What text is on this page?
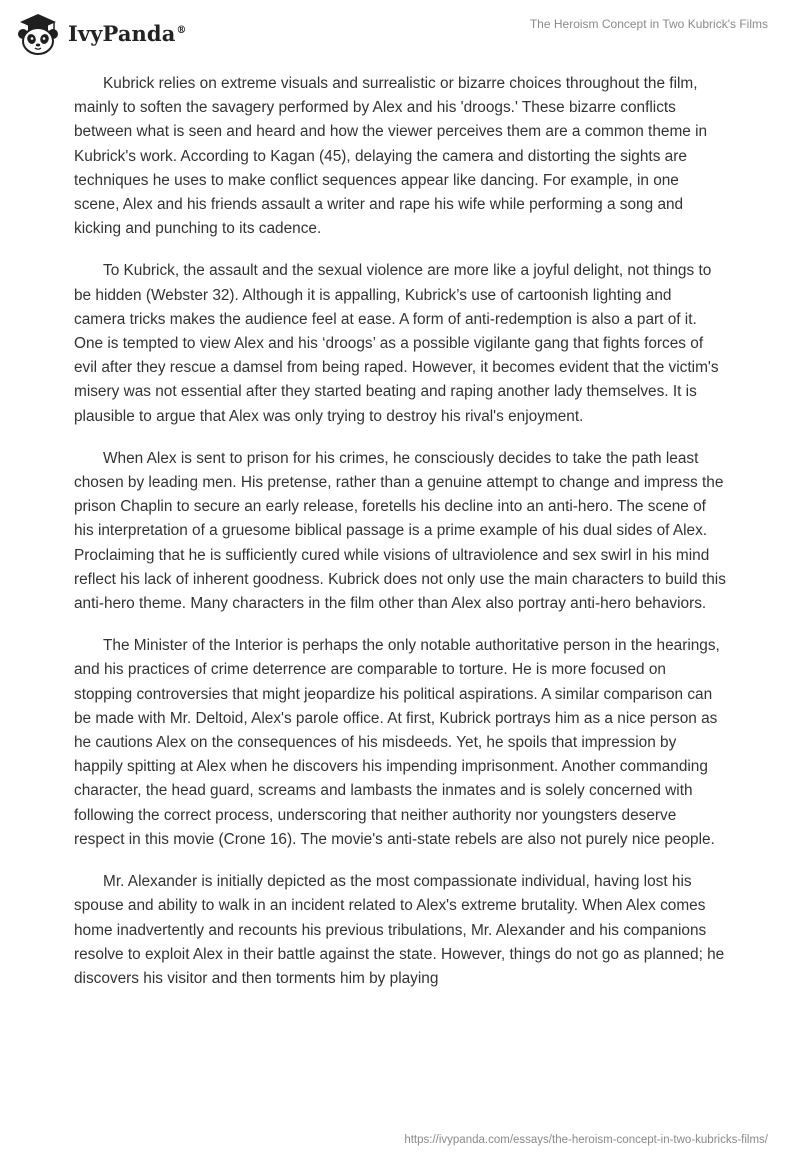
IvyPanda®	The Heroism Concept in Two Kubrick's Films

Kubrick relies on extreme visuals and surrealistic or bizarre choices throughout the film, mainly to soften the savagery performed by Alex and his 'droogs.' These bizarre conflicts between what is seen and heard and how the viewer perceives them are a common theme in Kubrick's work. According to Kagan (45), delaying the camera and distorting the sights are techniques he uses to make conflict sequences appear like dancing. For example, in one scene, Alex and his friends assault a writer and rape his wife while performing a song and kicking and punching to its cadence.

To Kubrick, the assault and the sexual violence are more like a joyful delight, not things to be hidden (Webster 32). Although it is appalling, Kubrick’s use of cartoonish lighting and camera tricks makes the audience feel at ease. A form of anti-redemption is also a part of it. One is tempted to view Alex and his ‘droogs’ as a possible vigilante gang that fights forces of evil after they rescue a damsel from being raped. However, it becomes evident that the victim's misery was not essential after they started beating and raping another lady themselves. It is plausible to argue that Alex was only trying to destroy his rival's enjoyment.

When Alex is sent to prison for his crimes, he consciously decides to take the path least chosen by leading men. His pretense, rather than a genuine attempt to change and impress the prison Chaplin to secure an early release, foretells his decline into an anti-hero. The scene of his interpretation of a gruesome biblical passage is a prime example of his dual sides of Alex. Proclaiming that he is sufficiently cured while visions of ultraviolence and sex swirl in his mind reflect his lack of inherent goodness. Kubrick does not only use the main characters to build this anti-hero theme. Many characters in the film other than Alex also portray anti-hero behaviors.

The Minister of the Interior is perhaps the only notable authoritative person in the hearings, and his practices of crime deterrence are comparable to torture. He is more focused on stopping controversies that might jeopardize his political aspirations. A similar comparison can be made with Mr. Deltoid, Alex's parole office. At first, Kubrick portrays him as a nice person as he cautions Alex on the consequences of his misdeeds. Yet, he spoils that impression by happily spitting at Alex when he discovers his impending imprisonment. Another commanding character, the head guard, screams and lambasts the inmates and is solely concerned with following the correct process, underscoring that neither authority nor youngsters deserve respect in this movie (Crone 16). The movie's anti-state rebels are also not purely nice people.

Mr. Alexander is initially depicted as the most compassionate individual, having lost his spouse and ability to walk in an incident related to Alex's extreme brutality. When Alex comes home inadvertently and recounts his previous tribulations, Mr. Alexander and his companions resolve to exploit Alex in their battle against the state. However, things do not go as planned; he discovers his visitor and then torments him by playing

https://ivypanda.com/essays/the-heroism-concept-in-two-kubricks-films/
